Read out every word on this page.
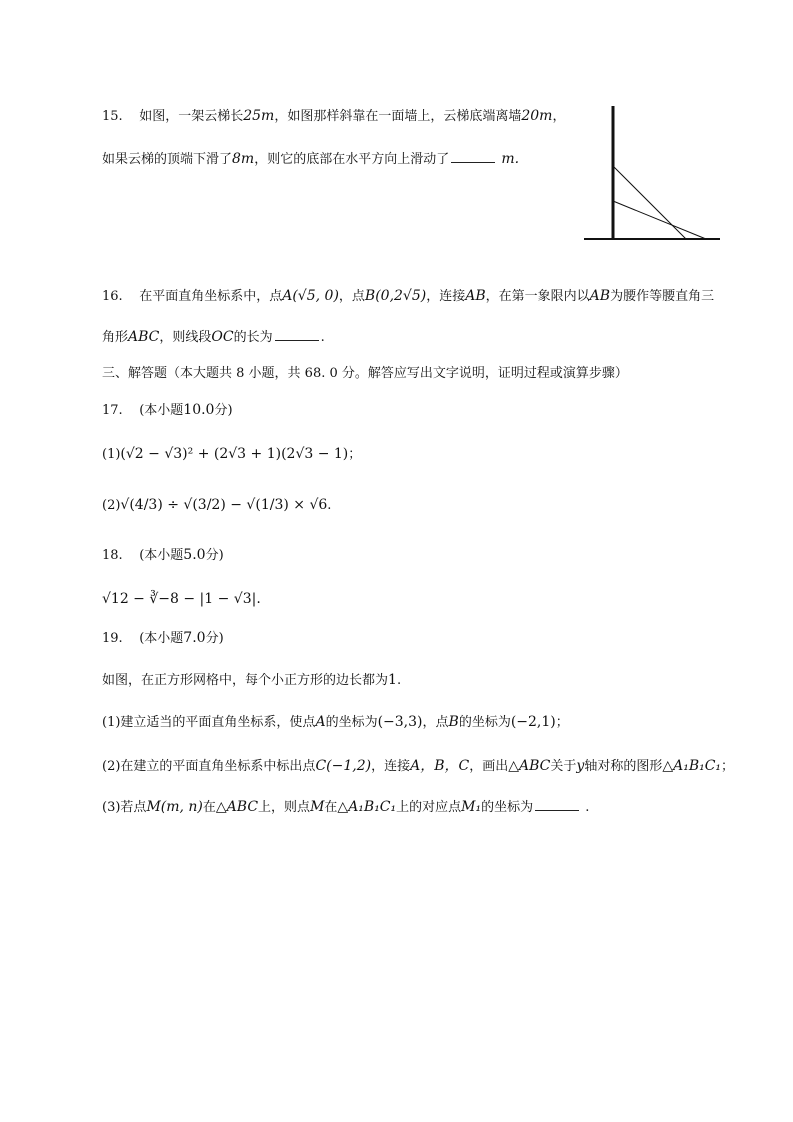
15. 如图，一架云梯长25m，如图那样斜靠在一面墙上，云梯底端离墙20m，
如果云梯的顶端下滑了8m，则它的底部在水平方向上滑动了	m.
16. 在平面直角坐标系中，点A(√5, 0)，点B(0,2√5)，连接AB，在第一象限内以AB为腰作等腰直角三
角形ABC，则线段OC的长为	.
三、解答题（本大题共 8 小题，共 68. 0 分。解答应写出文字说明，证明过程或演算步骤）
17. (本小题10.0分)
(1)(√2 − √3)² + (2√3 + 1)(2√3 − 1)；
(2)√(4/3) ÷ √(3/2) − √(1/3) × √6.
18. (本小题5.0分)
√12 − ∛−8 − |1 − √3|.
19. (本小题7.0分)
如图，在正方形网格中，每个小正方形的边长都为1.
(1)建立适当的平面直角坐标系，使点A的坐标为(−3,3)，点B的坐标为(−2,1)；
(2)在建立的平面直角坐标系中标出点C(−1,2)，连接A，B，C，画出△ABC关于y轴对称的图形△A₁B₁C₁；
(3)若点M(m, n)在△ABC上，则点M在△A₁B₁C₁上的对应点M₁的坐标为	.
